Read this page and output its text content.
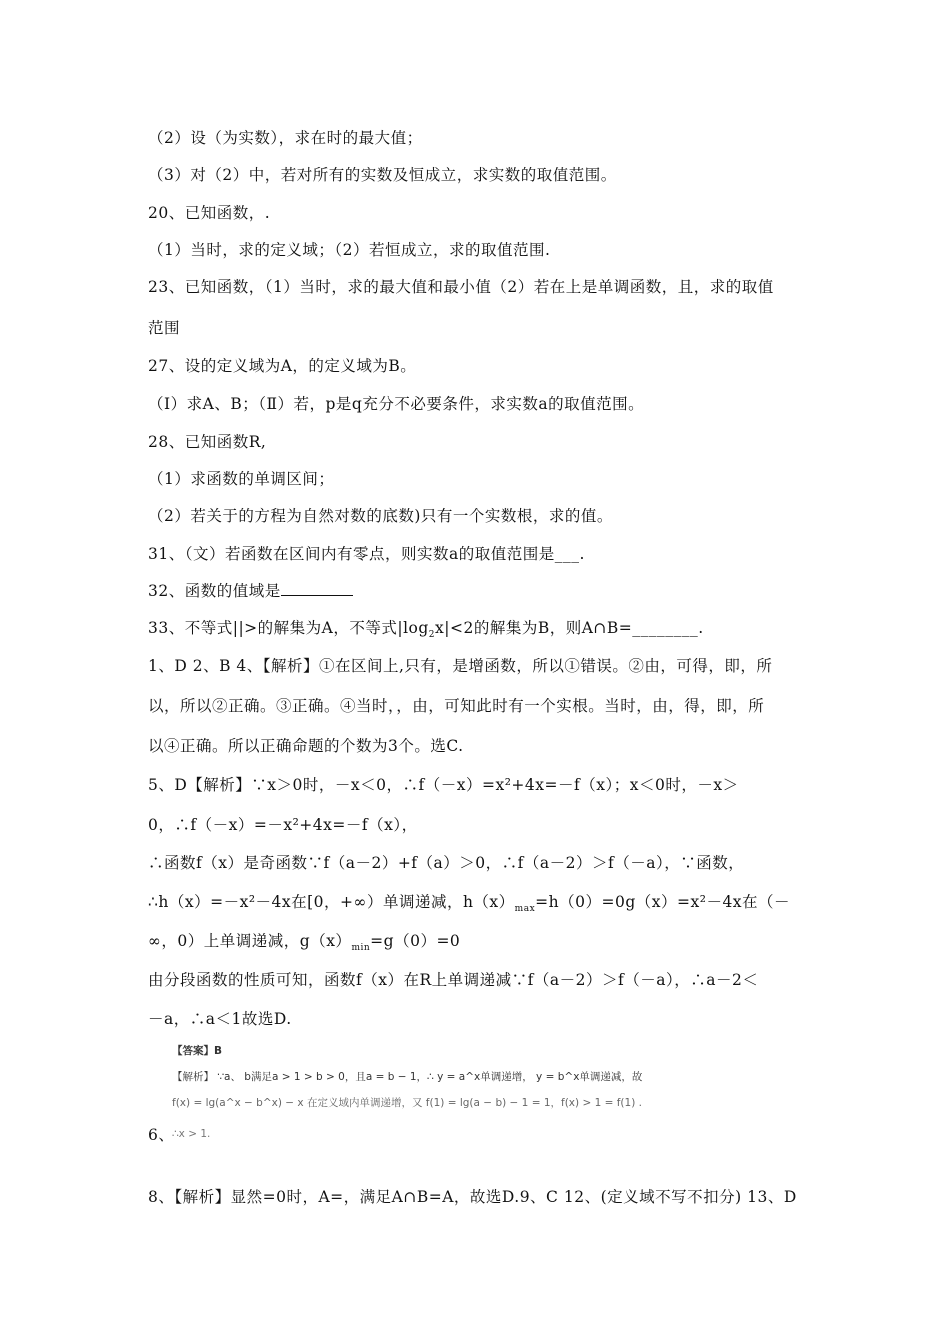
（2）设（为实数），求在时的最大值；
（3）对（2）中，若对所有的实数及恒成立，求实数的取值范围。
20、已知函数，.
（1）当时，求的定义域；（2）若恒成立，求的取值范围.
23、已知函数，（1）当时，求的最大值和最小值（2）若在上是单调函数，且，求的取值
范围
27、设的定义域为A，的定义域为B。
（I）求A、B；（Ⅱ）若，p是q充分不必要条件，求实数a的取值范围。
28、已知函数R,
（1）求函数的单调区间；
（2）若关于的方程为自然对数的底数)只有一个实数根，求的值。
31、（文）若函数在区间内有零点，则实数a的取值范围是___.
32、函数的值域是
33、不等式||>的解集为A，不等式$|\log_2x|<2$的解集为B，则A∩B=________.
1、D 2、B 4、【解析】①在区间上,只有，是增函数，所以①错误。②由，可得，即，所
以，所以②正确。③正确。④当时，，由，可知此时有一个实根。当时，由，得，即，所
以④正确。所以正确命题的个数为3个。选C.
5、D【解析】∵x＞0时，－x＜0，∴f（－x）=x²+4x=－f（x）；x＜0时，－x＞
0，∴f（－x）=－x²+4x=－f（x），
∴函数f（x）是奇函数∵f（a－2）+f（a）＞0，∴f（a－2）＞f（－a），∵函数，
∴h（x）=－x²－4x在[0，+∞）单调递减，$h(x)_{max}=h(0)=0g(x)=x^2-4x$在（－
∞，0）上单调递减，$g(x)_{min}=g(0)=0$
由分段函数的性质可知，函数f（x）在R上单调递减∵f（a－2）＞f（－a），∴a－2＜
－a，∴a＜1故选D.
【答案】B
【解析】 ∵a、 b满足a > 1 > b > 0，且a = b − 1，∴ y = a^x单调递增， y = b^x单调递减，故
f(x) = lg(a^x − b^x) − x 在定义域内单调递增，又 f(1) = lg(a − b) − 1 = 1，f(x) > 1 = f(1) .
∴x > 1.
6、
8、【解析】显然=0时，A=，满足A∩B=A，故选D.9、C 12、(定义域不写不扣分) 13、D
